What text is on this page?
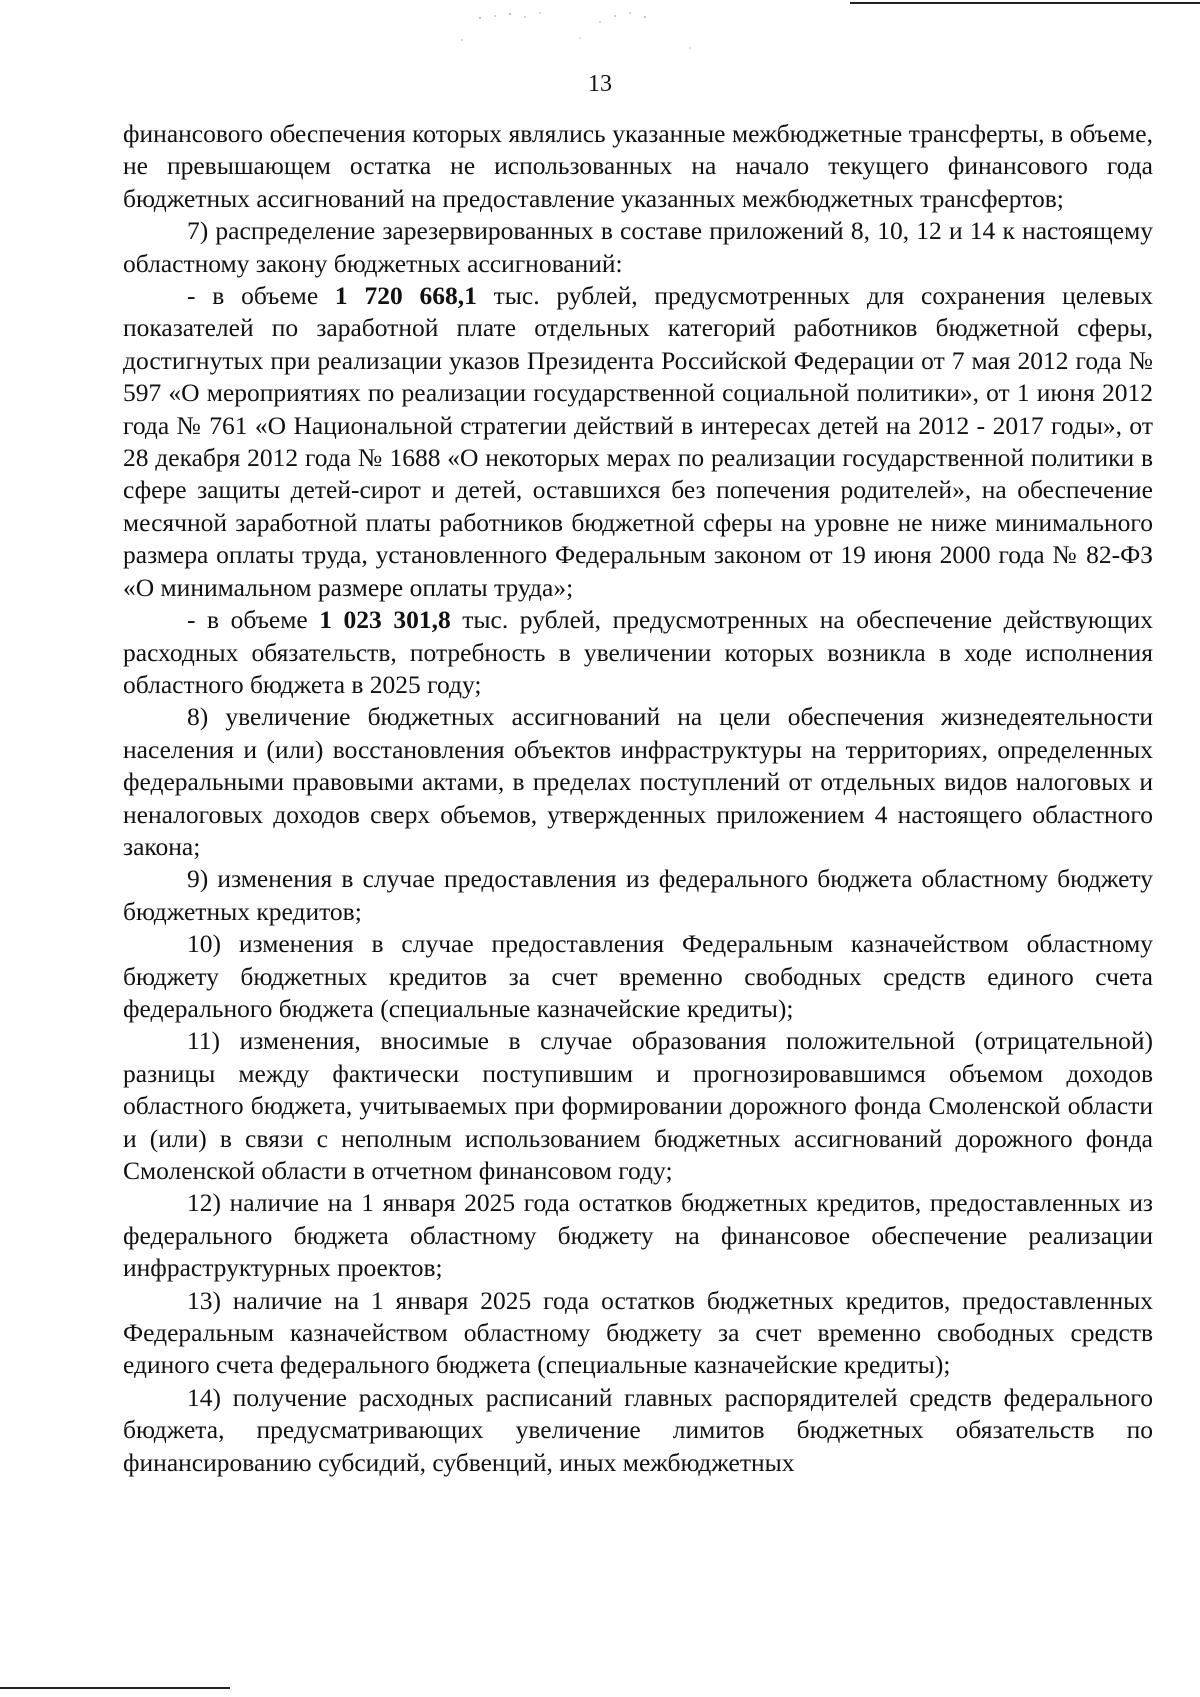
13

финансового обеспечения которых являлись указанные межбюджетные трансферты, в объеме, не превышающем остатка не использованных на начало текущего финансового года бюджетных ассигнований на предоставление указанных межбюджетных трансфертов;

7) распределение зарезервированных в составе приложений 8, 10, 12 и 14 к настоящему областному закону бюджетных ассигнований:

- в объеме 1 720 668,1 тыс. рублей, предусмотренных для сохранения целевых показателей по заработной плате отдельных категорий работников бюджетной сферы, достигнутых при реализации указов Президента Российской Федерации от 7 мая 2012 года № 597 «О мероприятиях по реализации государственной социальной политики», от 1 июня 2012 года № 761 «О Национальной стратегии действий в интересах детей на 2012 - 2017 годы», от 28 декабря 2012 года № 1688 «О некоторых мерах по реализации государственной политики в сфере защиты детей-сирот и детей, оставшихся без попечения родителей», на обеспечение месячной заработной платы работников бюджетной сферы на уровне не ниже минимального размера оплаты труда, установленного Федеральным законом от 19 июня 2000 года № 82-ФЗ «О минимальном размере оплаты труда»;

- в объеме 1 023 301,8 тыс. рублей, предусмотренных на обеспечение действующих расходных обязательств, потребность в увеличении которых возникла в ходе исполнения областного бюджета в 2025 году;

8) увеличение бюджетных ассигнований на цели обеспечения жизнедеятельности населения и (или) восстановления объектов инфраструктуры на территориях, определенных федеральными правовыми актами, в пределах поступлений от отдельных видов налоговых и неналоговых доходов сверх объемов, утвержденных приложением 4 настоящего областного закона;

9) изменения в случае предоставления из федерального бюджета областному бюджету бюджетных кредитов;

10) изменения в случае предоставления Федеральным казначейством областному бюджету бюджетных кредитов за счет временно свободных средств единого счета федерального бюджета (специальные казначейские кредиты);

11) изменения, вносимые в случае образования положительной (отрицательной) разницы между фактически поступившим и прогнозировавшимся объемом доходов областного бюджета, учитываемых при формировании дорожного фонда Смоленской области и (или) в связи с неполным использованием бюджетных ассигнований дорожного фонда Смоленской области в отчетном финансовом году;

12) наличие на 1 января 2025 года остатков бюджетных кредитов, предоставленных из федерального бюджета областному бюджету на финансовое обеспечение реализации инфраструктурных проектов;

13) наличие на 1 января 2025 года остатков бюджетных кредитов, предоставленных Федеральным казначейством областному бюджету за счет временно свободных средств единого счета федерального бюджета (специальные казначейские кредиты);

14) получение расходных расписаний главных распорядителей средств федерального бюджета, предусматривающих увеличение лимитов бюджетных обязательств по финансированию субсидий, субвенций, иных межбюджетных
